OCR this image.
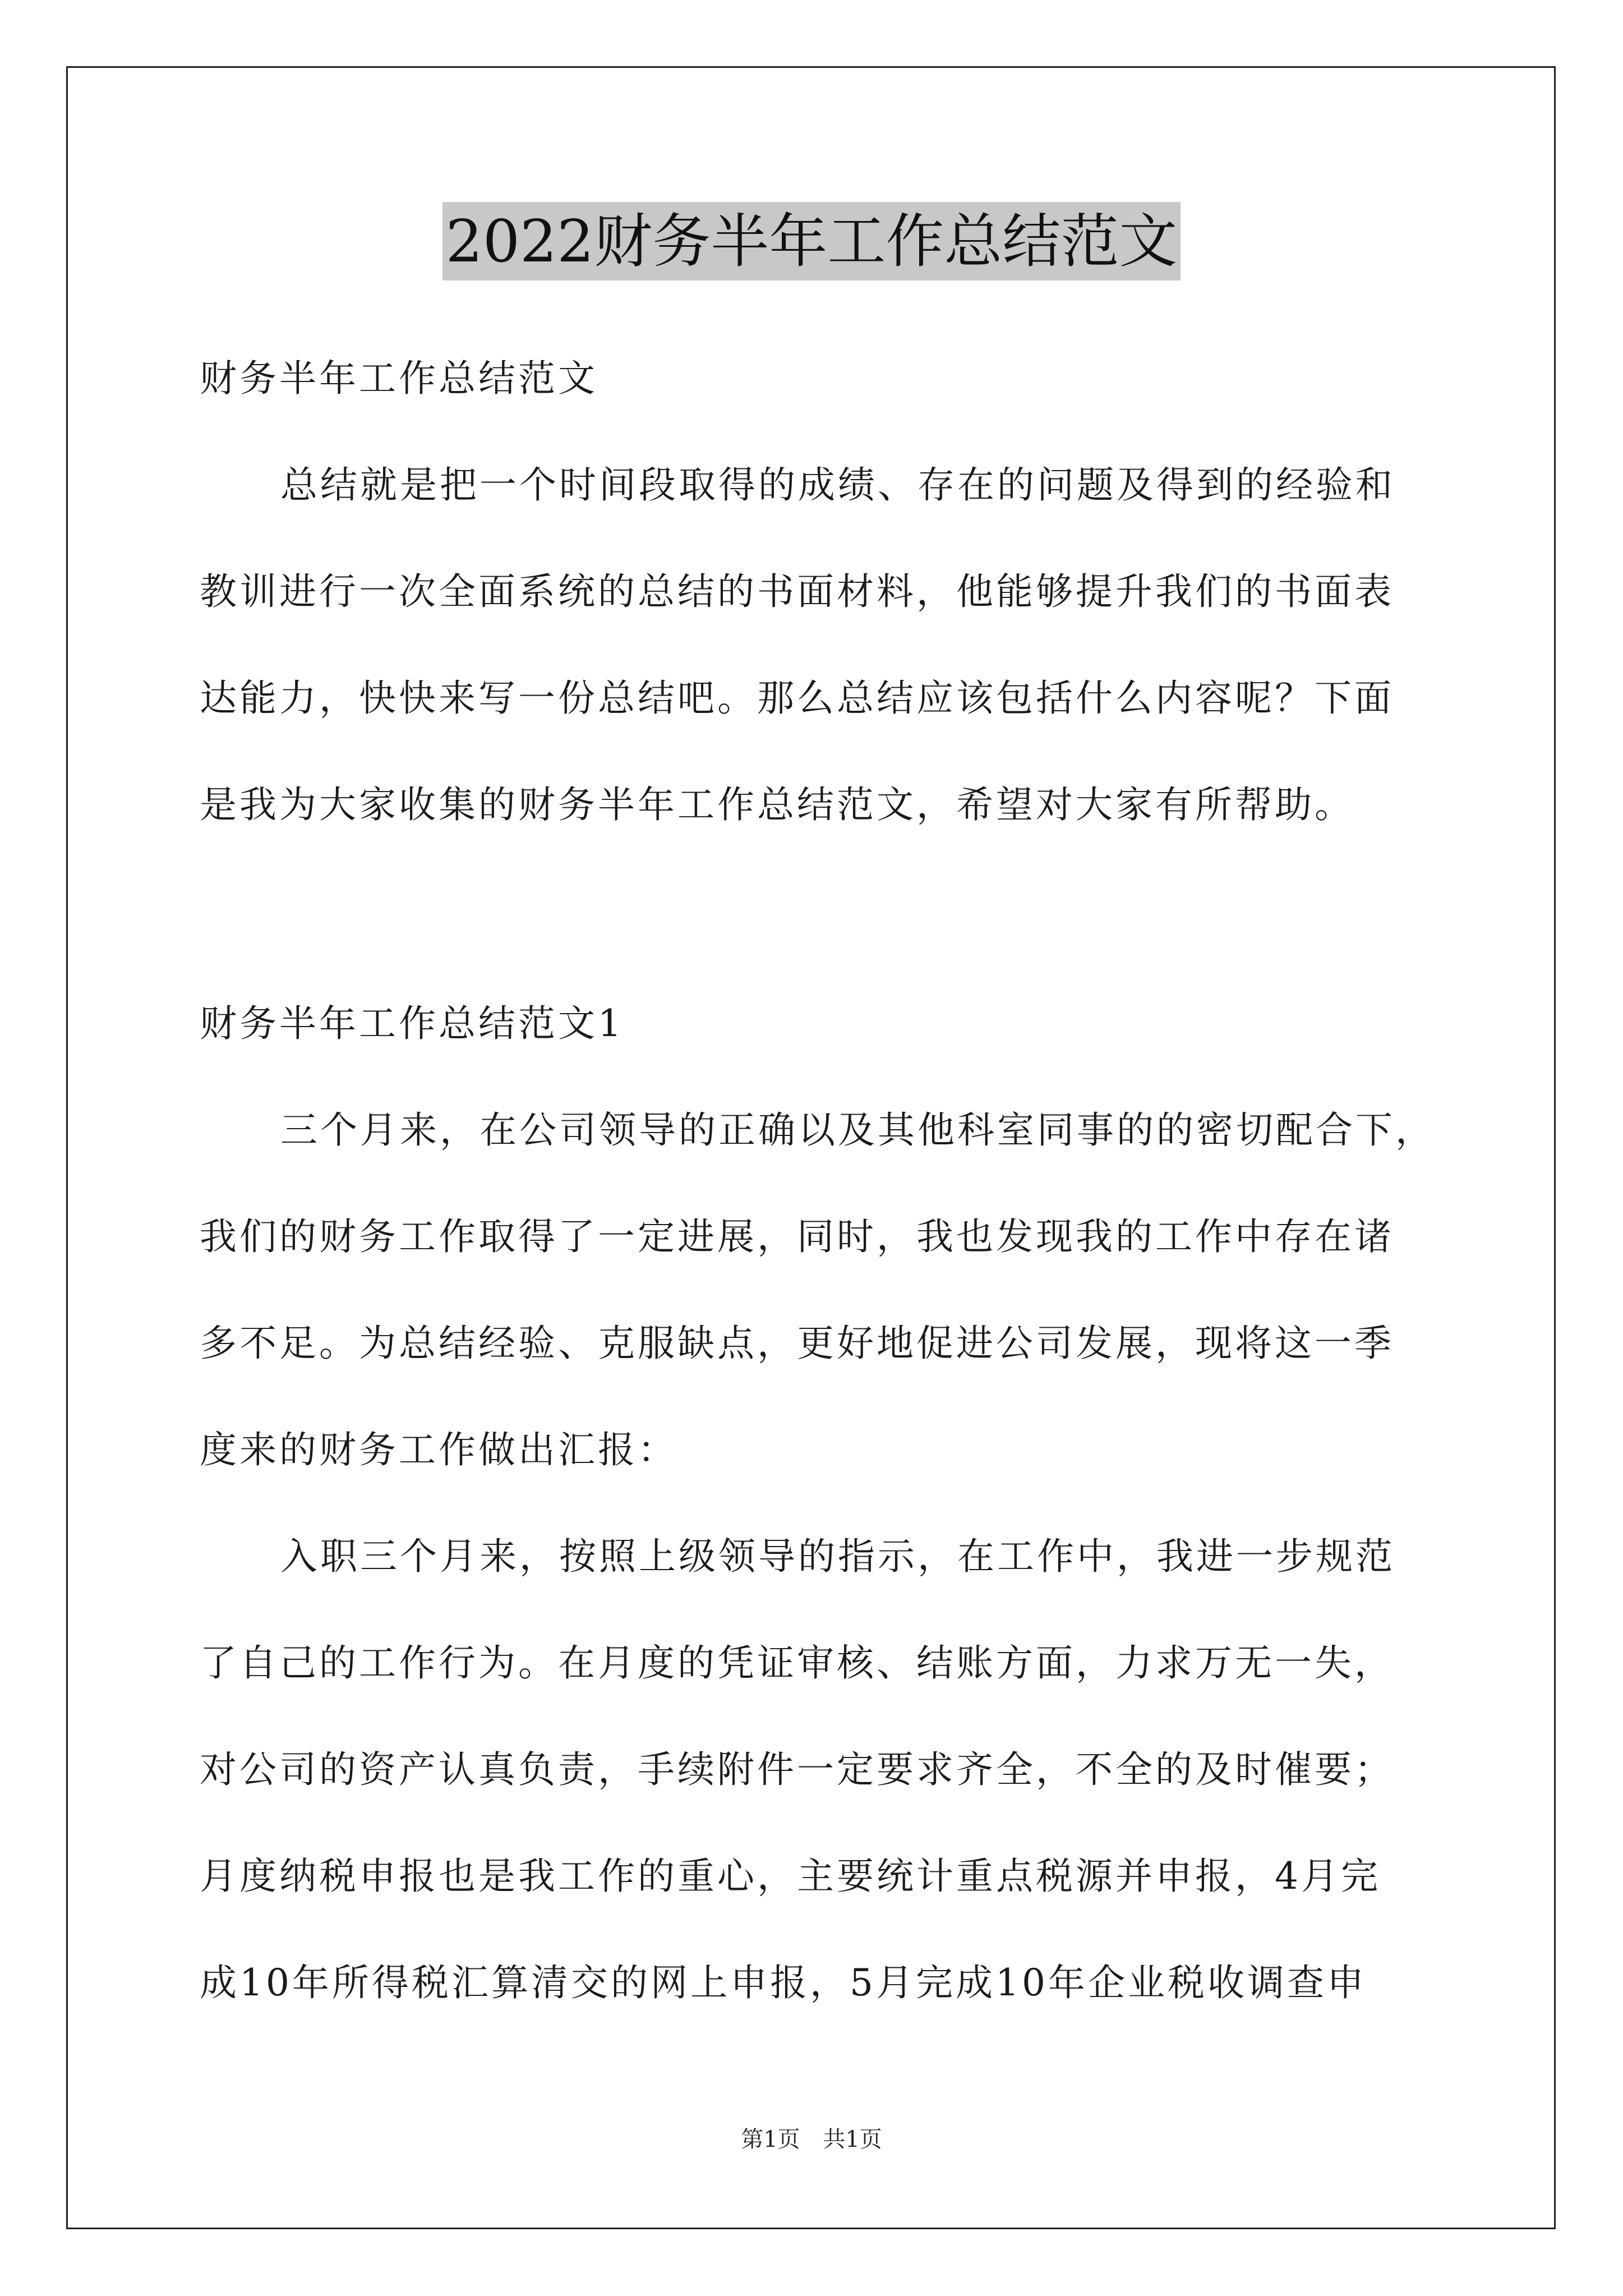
2022财务半年工作总结范文
财务半年工作总结范文
总结就是把一个时间段取得的成绩、存在的问题及得到的经验和
教训进行一次全面系统的总结的书面材料，他能够提升我们的书面表
达能力，快快来写一份总结吧。那么总结应该包括什么内容呢？下面
是我为大家收集的财务半年工作总结范文，希望对大家有所帮助。
财务半年工作总结范文1
三个月来，在公司领导的正确以及其他科室同事的的密切配合下，
我们的财务工作取得了一定进展，同时，我也发现我的工作中存在诸
多不足。为总结经验、克服缺点，更好地促进公司发展，现将这一季
度来的财务工作做出汇报：
入职三个月来，按照上级领导的指示，在工作中，我进一步规范
了自己的工作行为。在月度的凭证审核、结账方面，力求万无一失，
对公司的资产认真负责，手续附件一定要求齐全，不全的及时催要；
月度纳税申报也是我工作的重心，主要统计重点税源并申报，4月完
成10年所得税汇算清交的网上申报，5月完成10年企业税收调查申
第1页 共1页
